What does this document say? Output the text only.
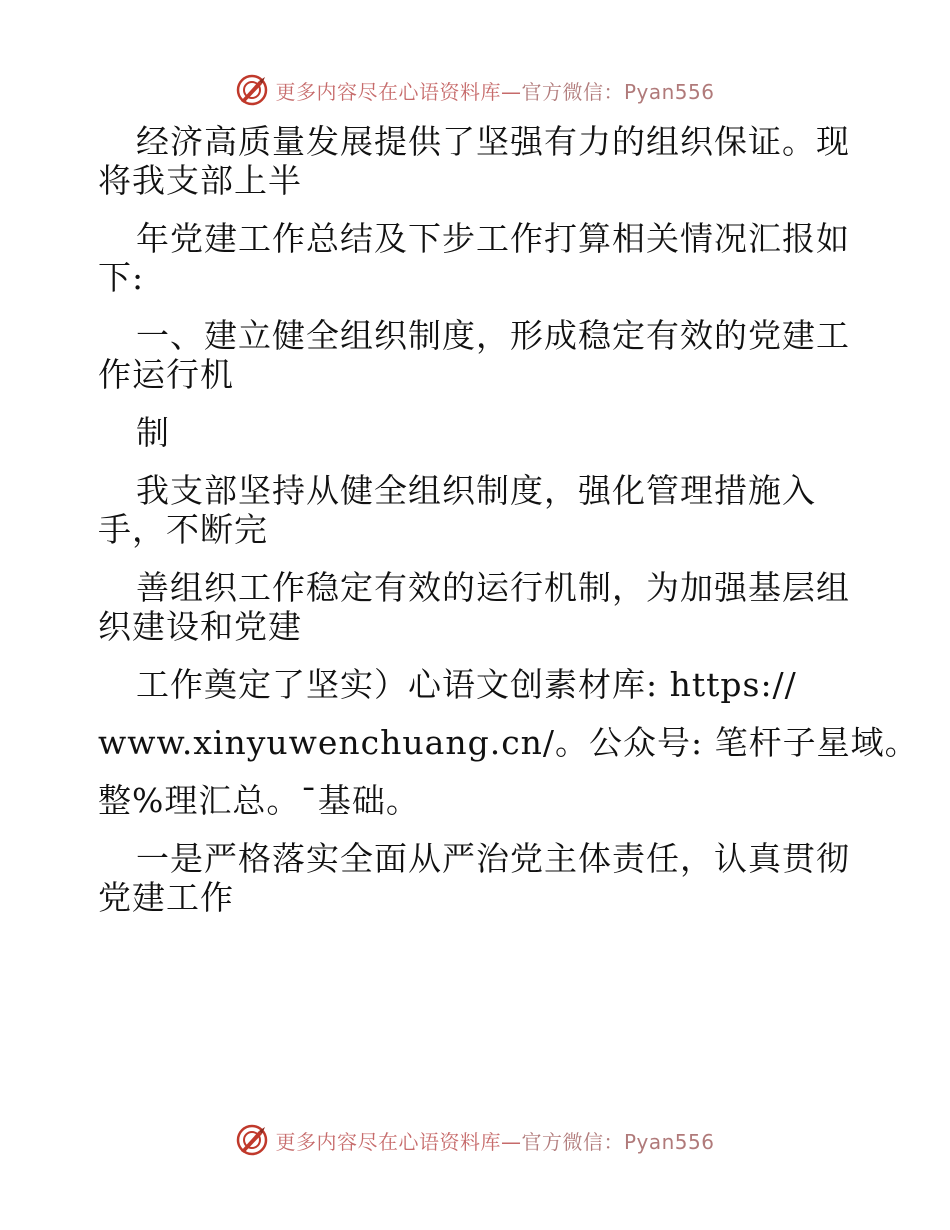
更多内容尽在心语资料库—官方微信：Pyan556

经济高质量发展提供了坚强有力的组织保证。现

将我支部上半

年党建工作总结及下步工作打算相关情况汇报如

下:

一、建立健全组织制度，形成稳定有效的党建工

作运行机

制

我支部坚持从健全组织制度，强化管理措施入

手，不断完

善组织工作稳定有效的运行机制，为加强基层组

织建设和党建

工作奠定了坚实）心语文创素材库: https://

www.xinyuwenchuang.cn/。公众号: 笔杆子星域。

整%理汇总。¯基础。

一是严格落实全面从严治党主体责任，认真贯彻

党建工作

更多内容尽在心语资料库—官方微信：Pyan556
